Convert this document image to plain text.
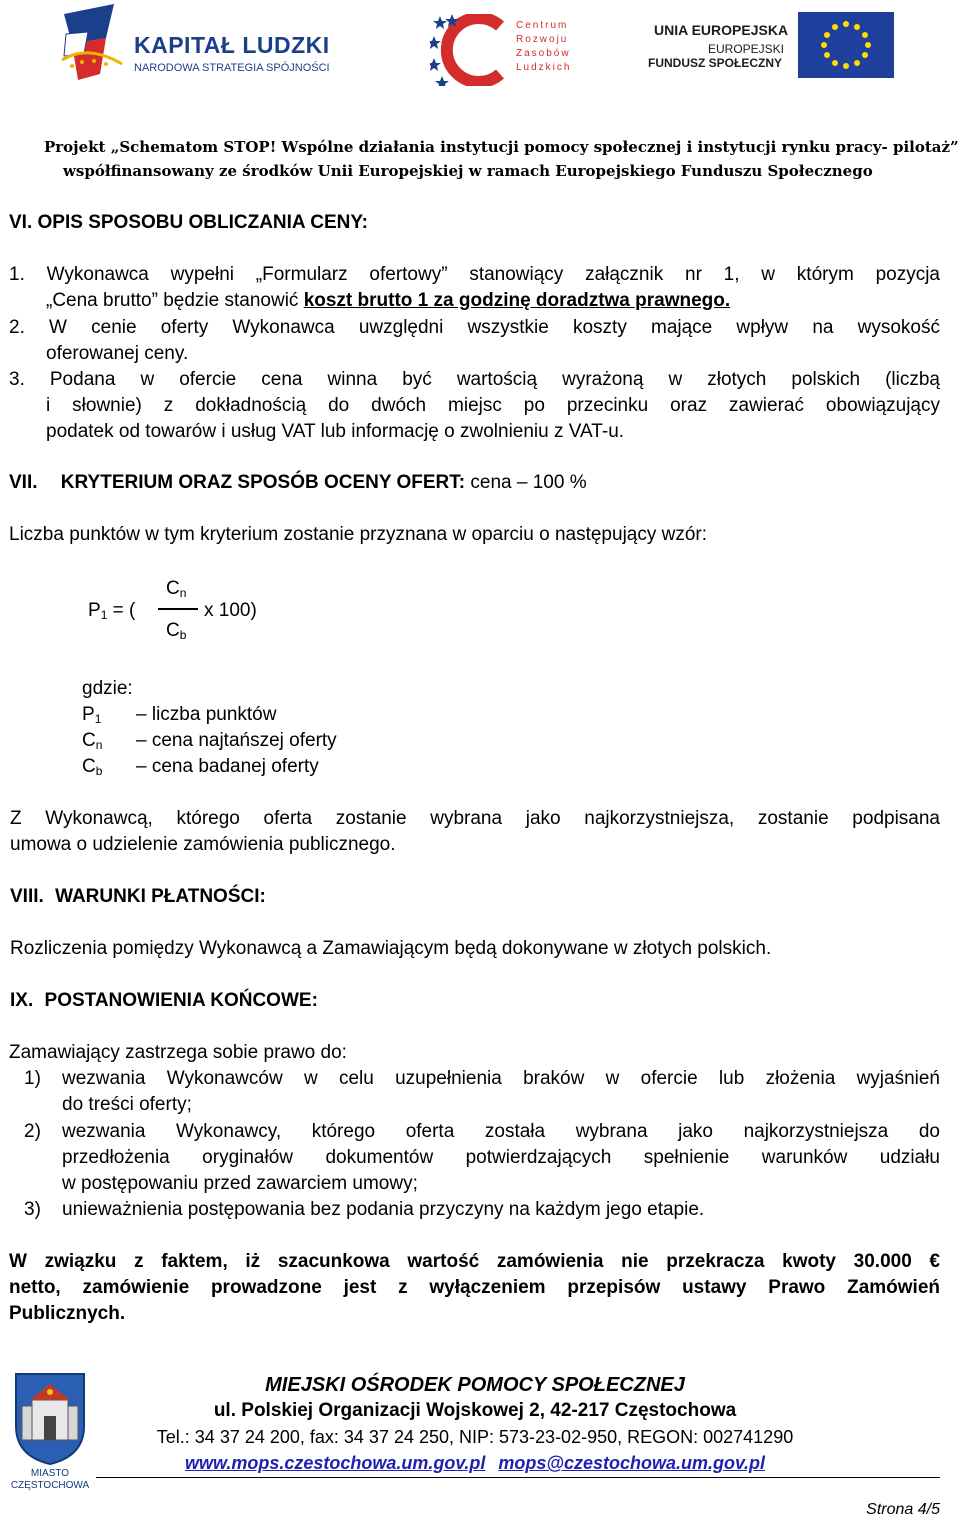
KAPITAŁ LUDZKI
NARODOWA STRATEGIA SPÓJNOŚCI
Centrum
Rozwoju
Zasobów
Ludzkich
UNIA EUROPEJSKA
EUROPEJSKI
FUNDUSZ SPOŁECZNY
Projekt „Schematom STOP! Wspólne działania instytucji pomocy społecznej i instytucji rynku pracy- pilotaż”
współfinansowany ze środków Unii Europejskiej w ramach Europejskiego Funduszu Społecznego
VI. OPIS SPOSOBU OBLICZANIA CENY:
1. Wykonawca wypełni „Formularz ofertowy” stanowiący załącznik nr 1, w którym pozycja
„Cena brutto” będzie stanowić koszt brutto 1 za godzinę doradztwa prawnego.
2. W cenie oferty Wykonawca uwzględni wszystkie koszty mające wpływ na wysokość
oferowanej ceny.
3. Podana w ofercie cena winna być wartością wyrażoną w złotych polskich (liczbą
i słownie) z dokładnością do dwóch miejsc po przecinku oraz zawierać obowiązujący
podatek od towarów i usług VAT lub informację o zwolnieniu z VAT-u.
VII. KRYTERIUM ORAZ SPOSÓB OCENY OFERT: cena – 100 %
Liczba punktów w tym kryterium zostanie przyznana w oparciu o następujący wzór:
$P_1$ = (
$C_n$
$C_b$
x 100)
gdzie:
$P_1$ – liczba punktów
$C_n$ – cena najtańszej oferty
$C_b$ – cena badanej oferty
Z Wykonawcą, którego oferta zostanie wybrana jako najkorzystniejsza, zostanie podpisana
umowa o udzielenie zamówienia publicznego.
VIII. WARUNKI PŁATNOŚCI:
Rozliczenia pomiędzy Wykonawcą a Zamawiającym będą dokonywane w złotych polskich.
IX. POSTANOWIENIA KOŃCOWE:
Zamawiający zastrzega sobie prawo do:
1) wezwania Wykonawców w celu uzupełnienia braków w ofercie lub złożenia wyjaśnień
do treści oferty;
2) wezwania Wykonawcy, którego oferta została wybrana jako najkorzystniejsza do
przedłożenia oryginałów dokumentów potwierdzających spełnienie warunków udziału
w postępowaniu przed zawarciem umowy;
3) unieważnienia postępowania bez podania przyczyny na każdym jego etapie.
W związku z faktem, iż szacunkowa wartość zamówienia nie przekracza kwoty 30.000 €
netto, zamówienie prowadzone jest z wyłączeniem przepisów ustawy Prawo Zamówień
Publicznych.
MIASTO
CZĘSTOCHOWA
MIEJSKI OŚRODEK POMOCY SPOŁECZNEJ
ul. Polskiej Organizacji Wojskowej 2, 42-217 Częstochowa
Tel.: 34 37 24 200, fax: 34 37 24 250, NIP: 573-23-02-950, REGON: 002741290
www.mops.czestochowa.um.gov.pl mops@czestochowa.um.gov.pl
Strona 4/5
